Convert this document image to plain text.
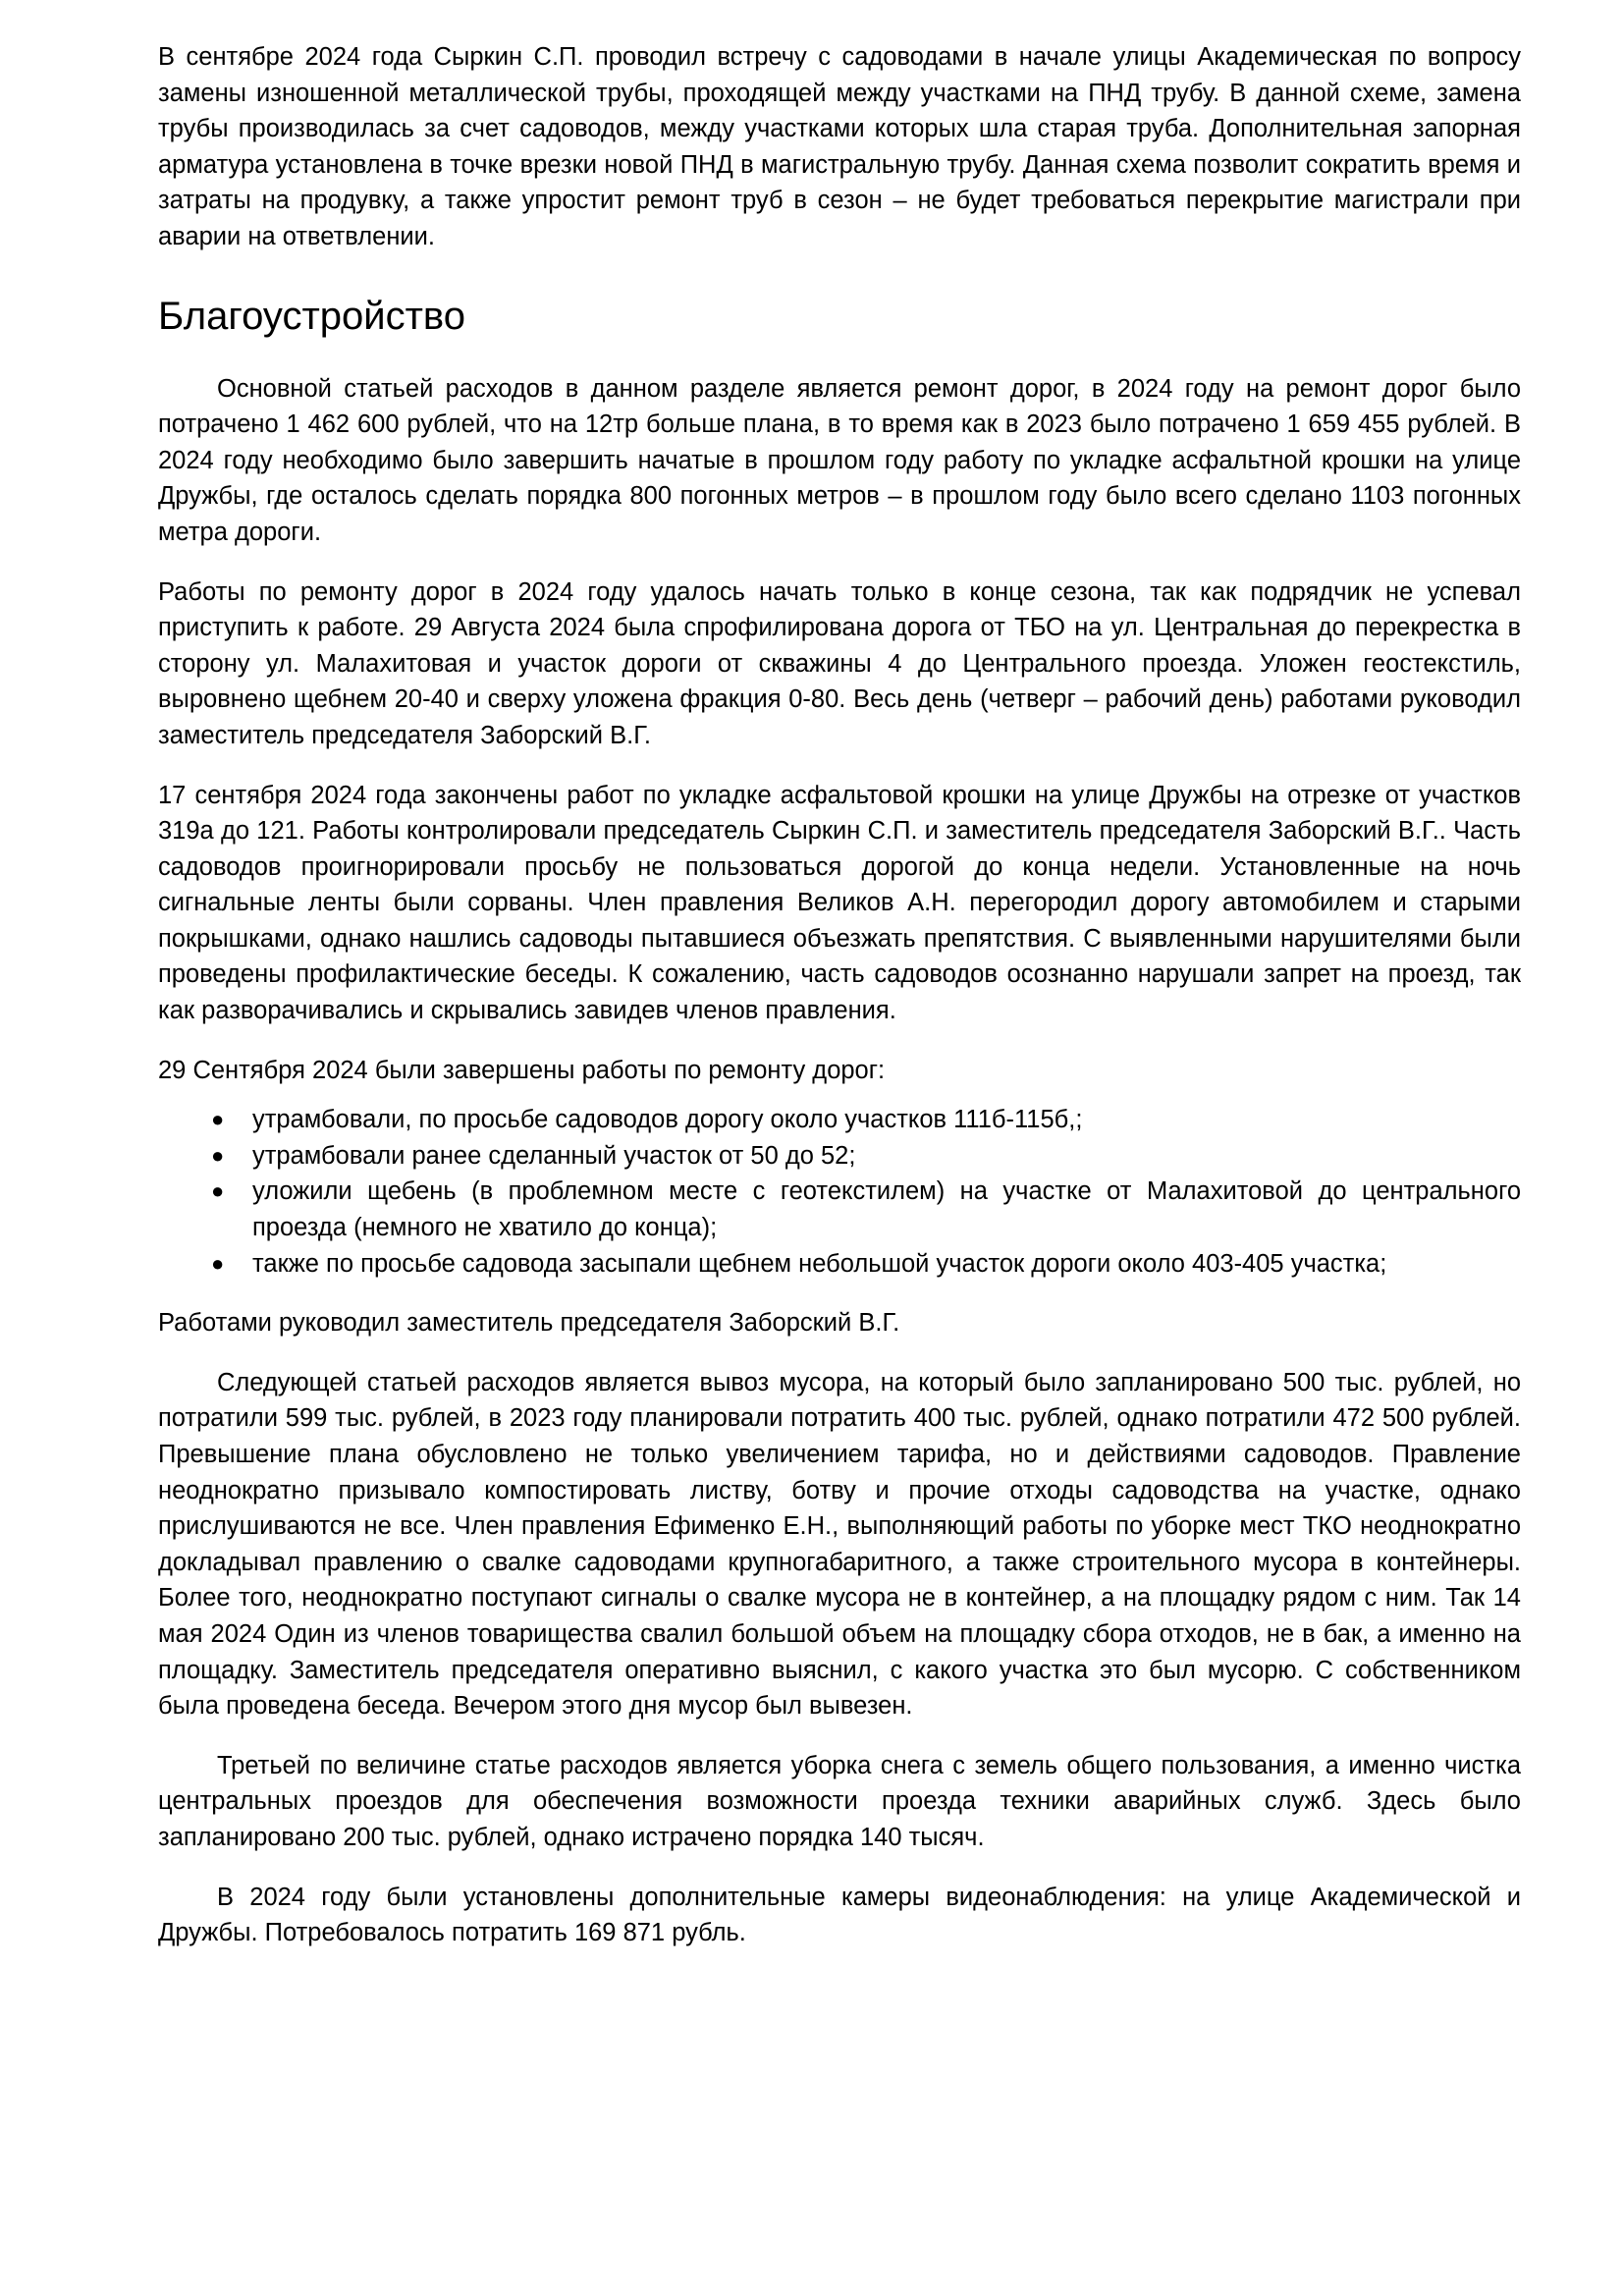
В сентябре 2024 года Сыркин С.П. проводил встречу с садоводами в начале улицы Академическая по вопросу замены изношенной металлической трубы, проходящей между участками на ПНД трубу. В данной схеме, замена трубы производилась за счет садоводов, между участками которых шла старая труба. Дополнительная запорная арматура установлена в точке врезки новой ПНД в магистральную трубу. Данная схема позволит сократить время и затраты на продувку, а также упростит ремонт труб в сезон – не будет требоваться перекрытие магистрали при аварии на ответвлении.

Благоустройство

Основной статьей расходов в данном разделе является ремонт дорог, в 2024 году на ремонт дорог было потрачено 1 462 600 рублей, что на 12тр больше плана, в то время как в 2023 было потрачено 1 659 455 рублей. В 2024 году необходимо было завершить начатые в прошлом году работу по укладке асфальтной крошки на улице Дружбы, где осталось сделать порядка 800 погонных метров – в прошлом году было всего сделано 1103 погонных метра дороги.

Работы по ремонту дорог в 2024 году удалось начать только в конце сезона, так как подрядчик не успевал приступить к работе. 29 Августа 2024 была спрофилирована дорога от ТБО на ул. Центральная до перекрестка в сторону ул. Малахитовая и участок дороги от скважины 4 до Центрального проезда. Уложен геостекстиль, выровнено щебнем 20-40 и сверху уложена фракция 0-80. Весь день (четверг – рабочий день) работами руководил заместитель председателя Заборский В.Г.

17 сентября 2024 года закончены работ по укладке асфальтовой крошки на улице Дружбы на отрезке от участков 319а до 121. Работы контролировали председатель Сыркин С.П. и заместитель председателя Заборский В.Г.. Часть садоводов проигнорировали просьбу не пользоваться дорогой до конца недели. Установленные на ночь сигнальные ленты были сорваны. Член правления Великов А.Н. перегородил дорогу автомобилем и старыми покрышками, однако нашлись садоводы пытавшиеся объезжать препятствия. С выявленными нарушителями были проведены профилактические беседы. К сожалению, часть садоводов осознанно нарушали запрет на проезд, так как разворачивались и скрывались завидев членов правления.

29 Сентября 2024 были завершены работы по ремонту дорог:

● утрамбовали, по просьбе садоводов дорогу около участков 111б-115б,;
● утрамбовали ранее сделанный участок от 50 до 52;
● уложили щебень (в проблемном месте с геотекстилем) на участке от Малахитовой до центрального проезда (немного не хватило до конца);
● также по просьбе садовода засыпали щебнем небольшой участок дороги около 403-405 участка;

Работами руководил заместитель председателя Заборский В.Г.

Следующей статьей расходов является вывоз мусора, на который было запланировано 500 тыс. рублей, но потратили 599 тыс. рублей, в 2023 году планировали потратить 400 тыс. рублей, однако потратили 472 500 рублей. Превышение плана обусловлено не только увеличением тарифа, но и действиями садоводов. Правление неоднократно призывало компостировать листву, ботву и прочие отходы садоводства на участке, однако прислушиваются не все. Член правления Ефименко Е.Н., выполняющий работы по уборке мест ТКО неоднократно докладывал правлению о свалке садоводами крупногабаритного, а также строительного мусора в контейнеры. Более того, неоднократно поступают сигналы о свалке мусора не в контейнер, а на площадку рядом с ним. Так 14 мая 2024 Один из членов товарищества свалил большой объем на площадку сбора отходов, не в бак, а именно на площадку. Заместитель председателя оперативно выяснил, с какого участка это был мусорю. С собственником была проведена беседа. Вечером этого дня мусор был вывезен.

Третьей по величине статье расходов является уборка снега с земель общего пользования, а именно чистка центральных проездов для обеспечения возможности проезда техники аварийных служб. Здесь было запланировано 200 тыс. рублей, однако истрачено порядка 140 тысяч.

В 2024 году были установлены дополнительные камеры видеонаблюдения: на улице Академической и Дружбы. Потребовалось потратить 169 871 рубль.
